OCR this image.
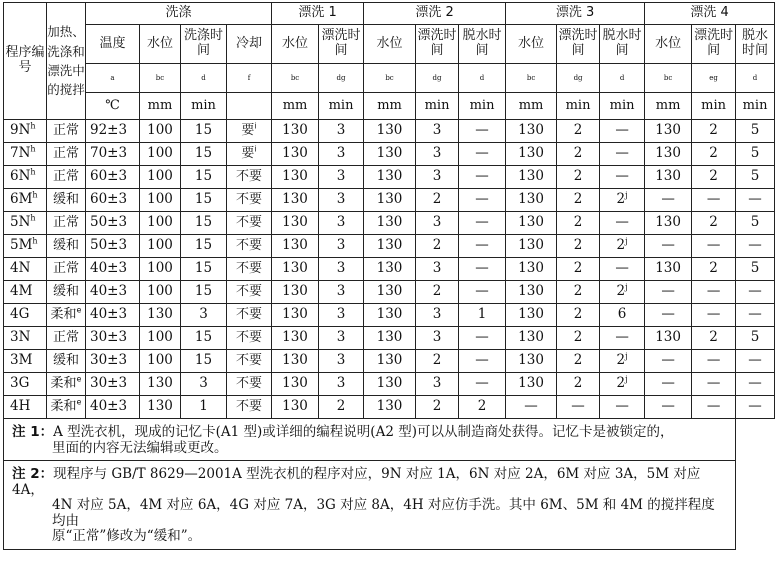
程序编号	加热、洗涤和漂洗中的搅拌	洗涤				漂洗 1		漂洗 2			漂洗 3			漂洗 4		
		温度	水位	洗涤时间	冷却	水位	漂洗时间	水位	漂洗时间	脱水时间	水位	漂洗时间	脱水时间	水位	漂洗时间	脱水时间
		a	bc	d	f	bc	dg	bc	dg	d	bc	dg	d	bc	eg	d
		℃	mm	min		mm	min	mm	min	min	mm	min	min	mm	min	min
$9N^h$	正常	92±3	100	15	要$^i$	130	3	130	3	—	130	2	—	130	2	5
$7N^h$	正常	70±3	100	15	要$^i$	130	3	130	3	—	130	2	—	130	2	5
$6N^h$	正常	60±3	100	15	不要	130	3	130	3	—	130	2	—	130	2	5
$6M^h$	缓和	60±3	100	15	不要	130	3	130	2	—	130	2	2$^j$	—	—	—
$5N^h$	正常	50±3	100	15	不要	130	3	130	3	—	130	2	—	130	2	5
$5M^h$	缓和	50±3	100	15	不要	130	3	130	2	—	130	2	2$^j$	—	—	—
4N	正常	40±3	100	15	不要	130	3	130	3	—	130	2	—	130	2	5
4M	缓和	40±3	100	15	不要	130	3	130	2	—	130	2	2$^j$	—	—	—
4G	柔和$^e$	40±3	130	3	不要	130	3	130	3	1	130	2	6	—	—	—
3N	正常	30±3	100	15	不要	130	3	130	3	—	130	2	—	130	2	5
3M	缓和	30±3	100	15	不要	130	3	130	2	—	130	2	2$^j$	—	—	—
3G	柔和$^e$	30±3	130	3	不要	130	3	130	3	—	130	2	2$^j$	—	—	—
4H	柔和$^e$	40±3	130	1	不要	130	2	130	2	2	—	—	—	—	—	—
注 1：A 型洗衣机，现成的记忆卡(A1 型)或详细的编程说明(A2 型)可以从制造商处获得。记忆卡是被锁定的，
里面的内容无法编辑或更改。																

注 2：现程序与 GB/T 8629—2001A 型洗衣机的程序对应，9N 对应 1A，6N 对应 2A，6M 对应 3A，5M 对应 4A，
4N 对应 5A，4M 对应 6A，4G 对应 7A，3G 对应 8A，4H 对应仿手洗。其中 6M、5M 和 4M 的搅拌程度均由
原“正常”修改为“缓和”。																
